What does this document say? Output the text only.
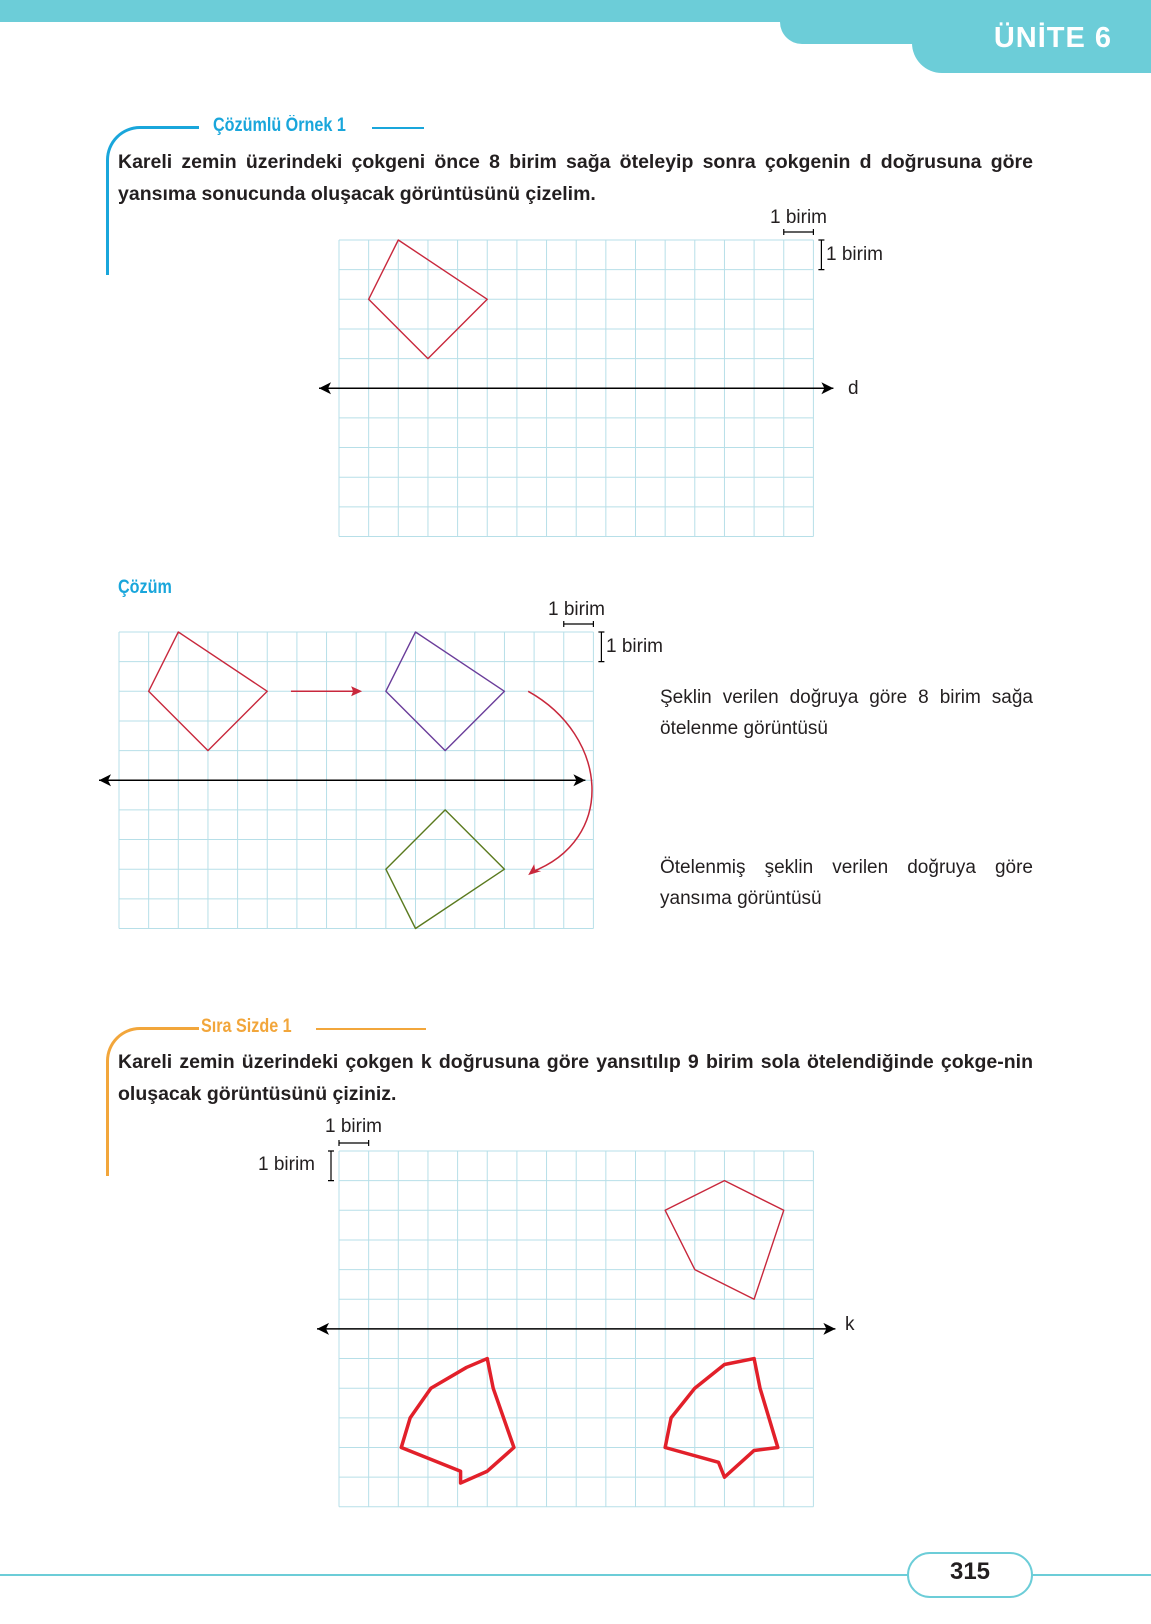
ÜNİTE 6
Çözümlü Örnek 1
Kareli zemin üzerindeki çokgeni önce 8 birim sağa öteleyip sonra çokgenin d doğrusuna göre yansıma sonucunda oluşacak görüntüsünü çizelim.
1 birim
1 birim
d
Çözüm
1 birim
1 birim
Şeklin verilen doğruya göre 8 birim sağa ötelenme görüntüsü
Ötelenmiş şeklin verilen doğruya göre yansıma görüntüsü
Sıra Sizde 1
Kareli zemin üzerindeki çokgen k doğrusuna göre yansıtılıp 9 birim sola ötelendiğinde çokge-nin oluşacak görüntüsünü çiziniz.
1 birim
1 birim
k
315
